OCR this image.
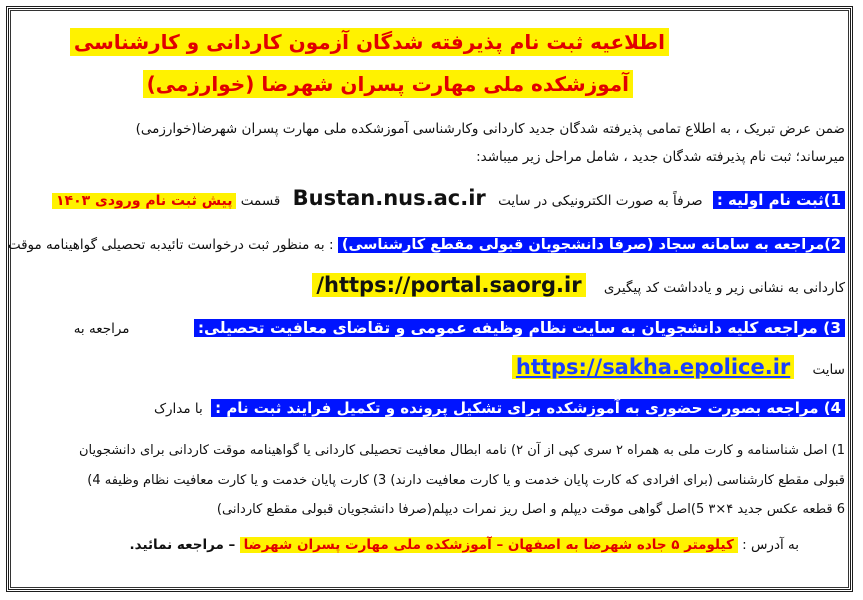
اطلاعیه ثبت نام پذیرفته شدگان آزمون کاردانی و کارشناسی
آموزشکده ملی مهارت پسران شهرضا (خوارزمی)
ضمن عرض تبریک ، به اطلاع تمامی پذیرفته شدگان جدید کاردانی وکارشناسی آموزشکده ملی مهارت پسران شهرضا(خوارزمی)
میرساند؛ ثبت نام پذیرفته شدگان جدید ، شامل مراحل زیر میباشد:
1)ثبت نام اولیه : صرفاً به صورت الکترونیکی در سایت Bustan.nus.ac.ir قسمت پیش ثبت نام ورودی ۱۴۰۳
2)مراجعه به سامانه سجاد (صرفا دانشجویان قبولی مقطع کارشناسی) : به منظور ثبت درخواست تائیدبه تحصیلی گواهینامه موقت
کاردانی به نشانی زیر و یادداشت کد پیگیری https://portal.saorg.ir/
3) مراجعه کلیه دانشجویان به سایت نظام وظیفه عمومی و تقاضای معافیت تحصیلی: مراجعه به
سایت https://sakha.epolice.ir
4) مراجعه بصورت حضوری به آموزشکده برای تشکیل پرونده و تکمیل فرایند ثبت نام : با مدارک
1) اصل شناسنامه و کارت ملی به همراه ۲ سری کپی از آن ۲) نامه ابطال معافیت تحصیلی کاردانی یا گواهینامه موقت کاردانی برای دانشجویان
قبولی مقطع کارشناسی (برای افرادی که کارت پایان خدمت و یا کارت معافیت دارند) 3) کارت پایان خدمت و یا کارت معافیت نظام وظیفه 4)
6 قطعه عکس جدید ۴×۳ 5)اصل گواهی موقت دیپلم و اصل ریز نمرات دیپلم(صرفا دانشجویان قبولی مقطع کاردانی)
به آدرس : کیلومتر ۵ جاده شهرضا به اصفهان – آموزشکده ملی مهارت پسران شهرضا – مراجعه نمائید.
